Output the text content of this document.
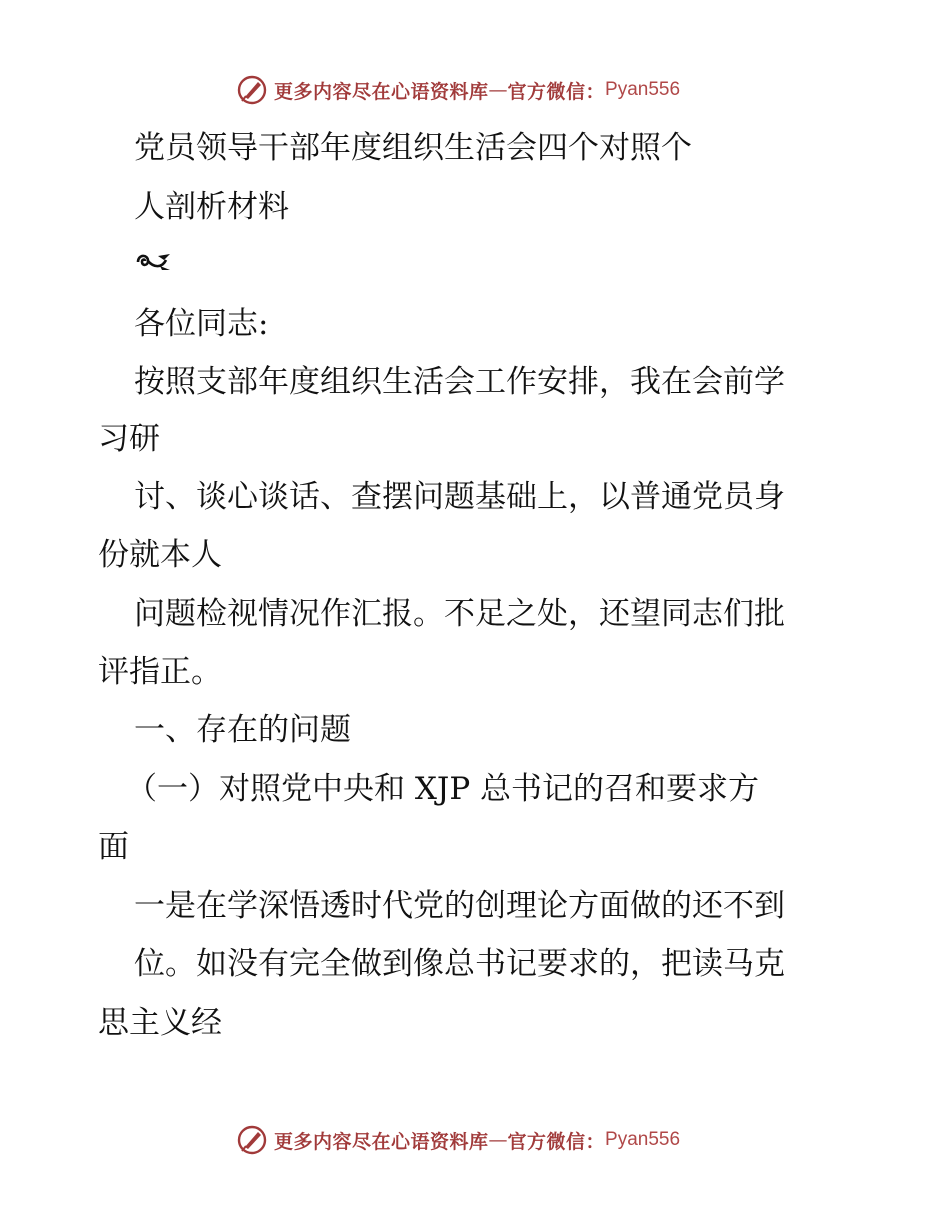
更多内容尽在心语资料库 — 官方微信： Pyan556
党员领导干部年度组织生活会四个对照个
人剖析材料
各位同志:
按照支部年度组织生活会工作安排，我在会前学
习研
讨、谈心谈话、查摆问题基础上，以普通党员身
份就本人
问题检视情况作汇报。不足之处，还望同志们批
评指正。
一、存在的问题
（一）对照党中央和 XJP 总书记的召和要求方
面
一是在学深悟透时代党的创理论方面做的还不到
位。如没有完全做到像总书记要求的，把读马克
思主义经
更多内容尽在心语资料库 — 官方微信： Pyan556
